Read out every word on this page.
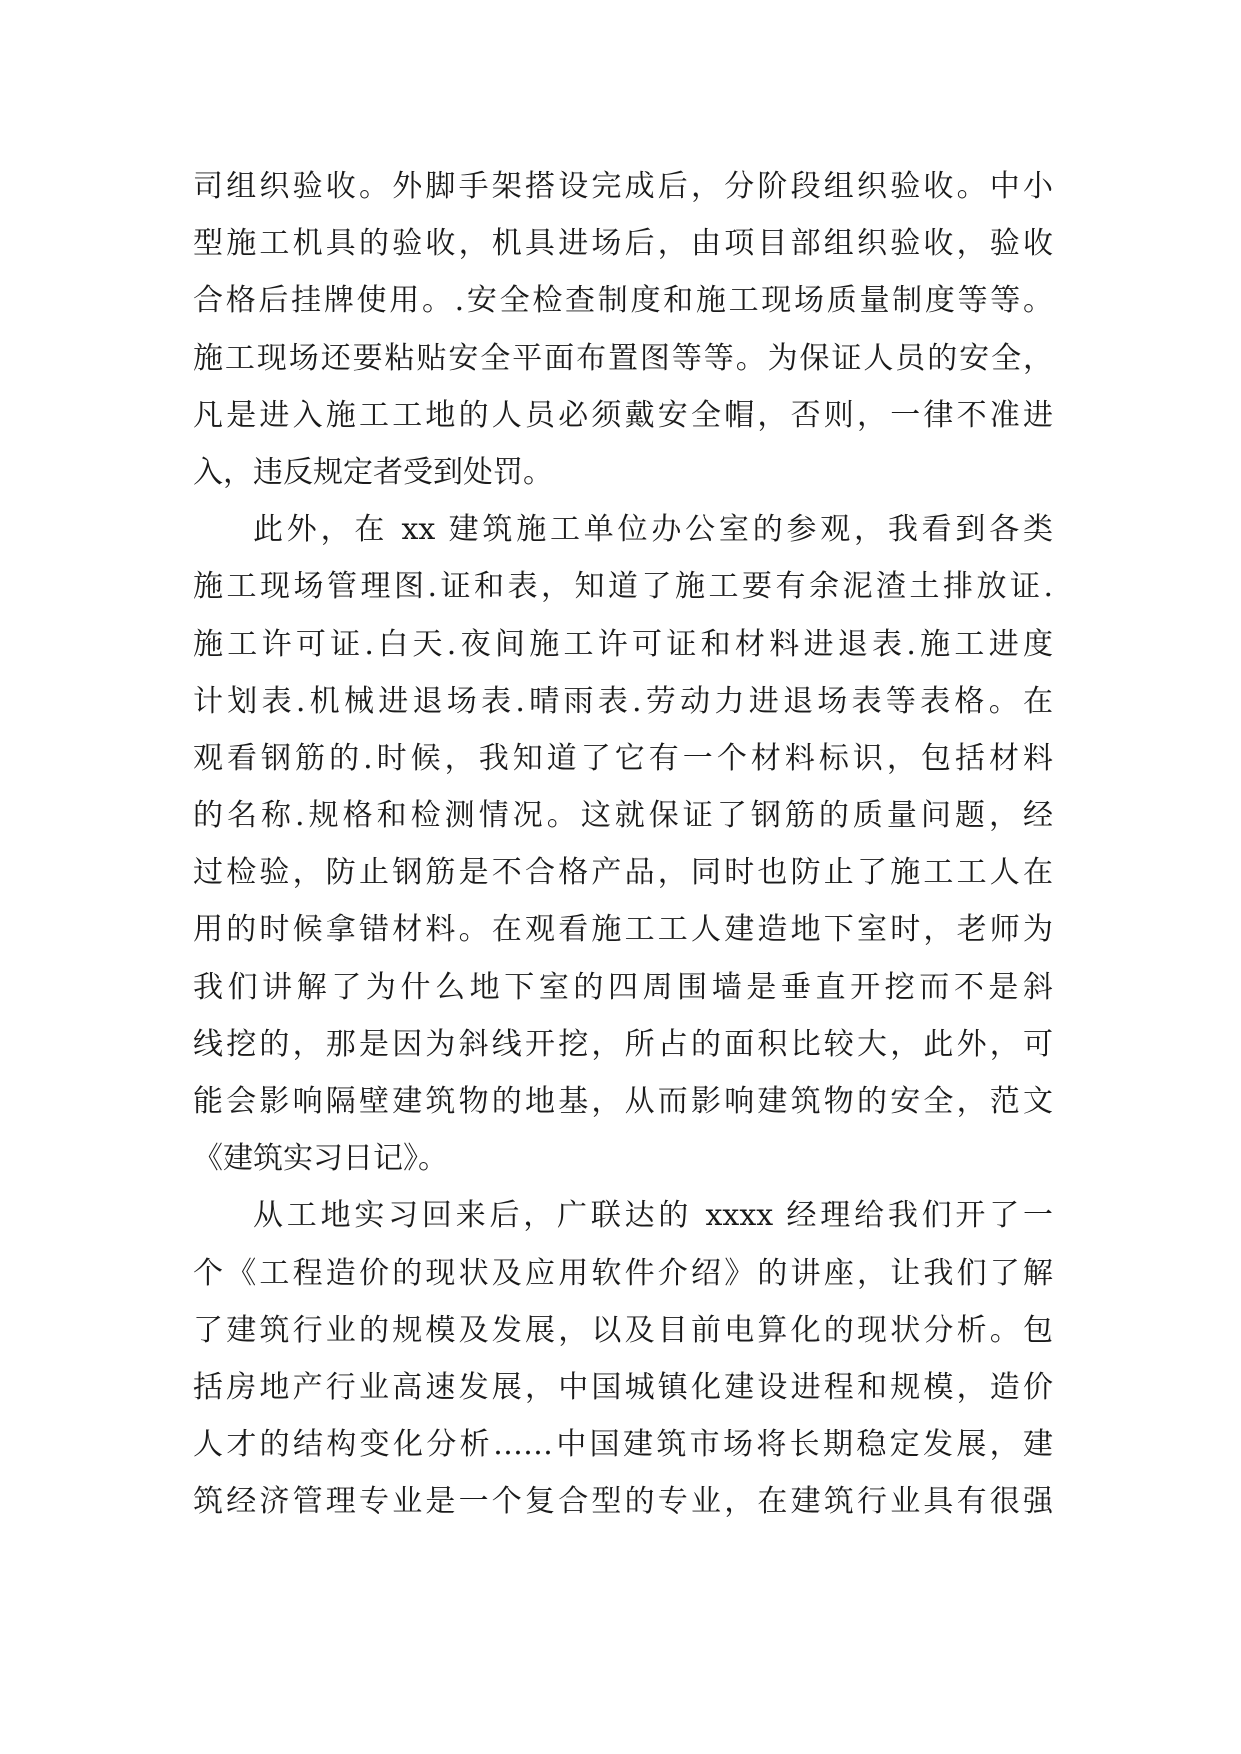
司组织验收。外脚手架搭设完成后，分阶段组织验收。中小
型施工机具的验收，机具进场后，由项目部组织验收，验收
合格后挂牌使用。.安全检查制度和施工现场质量制度等等。
施工现场还要粘贴安全平面布置图等等。为保证人员的安全，
凡是进入施工工地的人员必须戴安全帽，否则，一律不准进
入，违反规定者受到处罚。
此外，在 xx 建筑施工单位办公室的参观，我看到各类
施工现场管理图.证和表，知道了施工要有余泥渣土排放证.
施工许可证.白天.夜间施工许可证和材料进退表.施工进度
计划表.机械进退场表.晴雨表.劳动力进退场表等表格。在
观看钢筋的.时候，我知道了它有一个材料标识，包括材料
的名称.规格和检测情况。这就保证了钢筋的质量问题，经
过检验，防止钢筋是不合格产品，同时也防止了施工工人在
用的时候拿错材料。在观看施工工人建造地下室时，老师为
我们讲解了为什么地下室的四周围墙是垂直开挖而不是斜
线挖的，那是因为斜线开挖，所占的面积比较大，此外，可
能会影响隔壁建筑物的地基，从而影响建筑物的安全，范文
《建筑实习日记》。
从工地实习回来后，广联达的 xxxx 经理给我们开了一
个《工程造价的现状及应用软件介绍》的讲座，让我们了解
了建筑行业的规模及发展，以及目前电算化的现状分析。包
括房地产行业高速发展，中国城镇化建设进程和规模，造价
人才的结构变化分析……中国建筑市场将长期稳定发展，建
筑经济管理专业是一个复合型的专业，在建筑行业具有很强
